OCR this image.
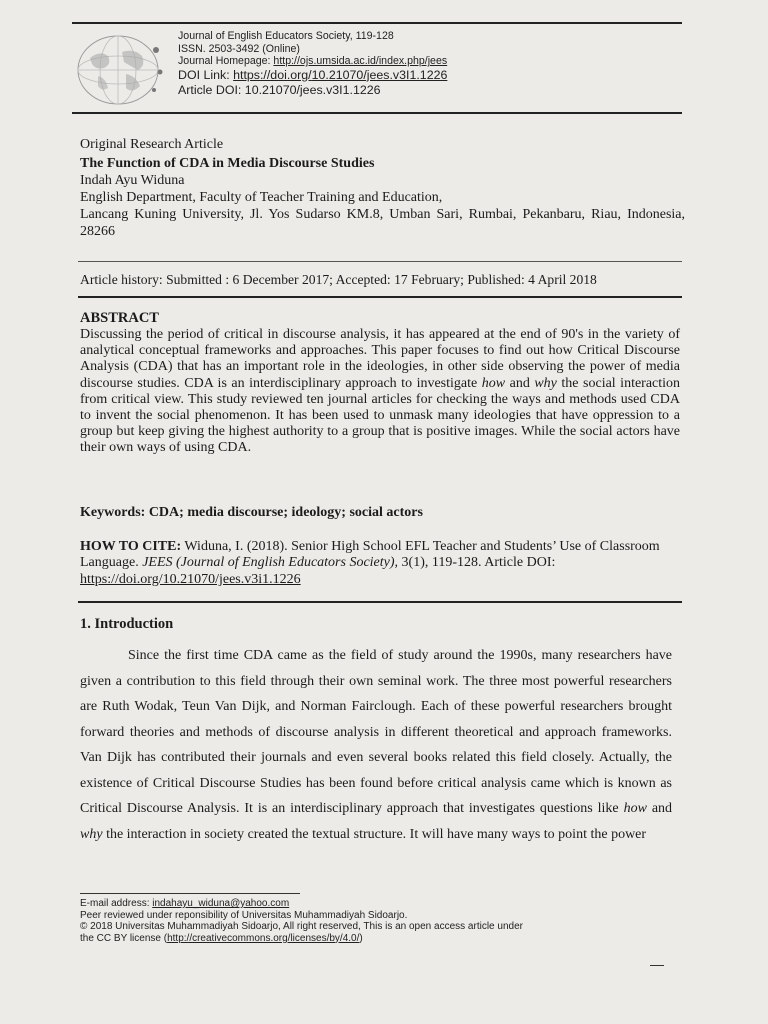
Journal of English Educators Society, 119-128
ISSN. 2503-3492 (Online)
Journal Homepage: http://ojs.umsida.ac.id/index.php/jees
DOI Link: https://doi.org/10.21070/jees.v3I1.1226
Article DOI: 10.21070/jees.v3I1.1226
Original Research Article
The Function of CDA in Media Discourse Studies
Indah Ayu Widuna
English Department, Faculty of Teacher Training and Education,
Lancang Kuning University, Jl. Yos Sudarso KM.8, Umban Sari, Rumbai, Pekanbaru, Riau, Indonesia, 28266
Article history: Submitted : 6 December 2017; Accepted: 17 February; Published: 4 April 2018
ABSTRACT

Discussing the period of critical in discourse analysis, it has appeared at the end of 90's in the variety of analytical conceptual frameworks and approaches. This paper focuses to find out how Critical Discourse Analysis (CDA) that has an important role in the ideologies, in other side observing the power of media discourse studies. CDA is an interdisciplinary approach to investigate how and why the social interaction from critical view. This study reviewed ten journal articles for checking the ways and methods used CDA to invent the social phenomenon. It has been used to unmask many ideologies that have oppression to a group but keep giving the highest authority to a group that is positive images. While the social actors have their own ways of using CDA.

Keywords: CDA; media discourse; ideology; social actors
HOW TO CITE: Widuna, I. (2018). Senior High School EFL Teacher and Students’ Use of Classroom Language. JEES (Journal of English Educators Society), 3(1), 119-128. Article DOI: https://doi.org/10.21070/jees.v3i1.1226
1. Introduction

Since the first time CDA came as the field of study around the 1990s, many researchers have given a contribution to this field through their own seminal work. The three most powerful researchers are Ruth Wodak, Teun Van Dijk, and Norman Fairclough. Each of these powerful researchers brought forward theories and methods of discourse analysis in different theoretical and approach frameworks. Van Dijk has contributed their journals and even several books related this field closely. Actually, the existence of Critical Discourse Studies has been found before critical analysis came which is known as Critical Discourse Analysis. It is an interdisciplinary approach that investigates questions like how and why the interaction in society created the textual structure. It will have many ways to point the power

E-mail address: indahayu_widuna@yahoo.com
Peer reviewed under reponsibility of Universitas Muhammadiyah Sidoarjo.
© 2018 Universitas Muhammadiyah Sidoarjo, All right reserved, This is an open access article under
the CC BY license (http://creativecommons.org/licenses/by/4.0/)
